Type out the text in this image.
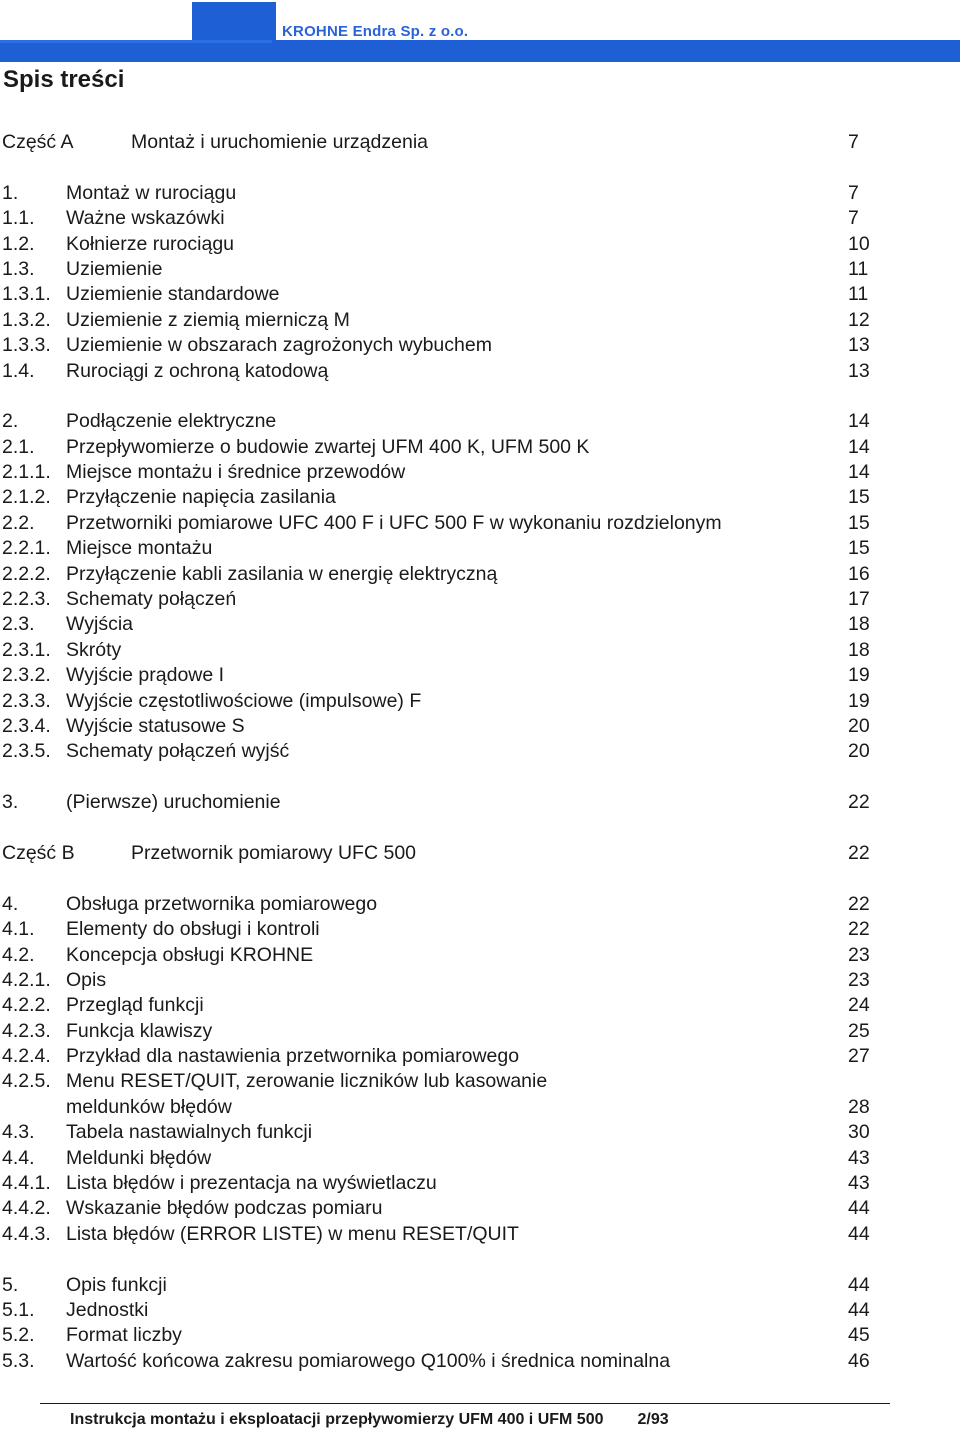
KROHNE Endra Sp. z o.o.
Spis treści
Część A	Montaż i uruchomienie urządzenia	7
1. Montaż w rurociągu	7
1.1. Ważne wskazówki	7
1.2. Kołnierze rurociągu	10
1.3. Uziemienie	11
1.3.1. Uziemienie standardowe	11
1.3.2. Uziemienie z ziemią mierniczą M	12
1.3.3. Uziemienie w obszarach zagrożonych wybuchem	13
1.4. Rurociągi z ochroną katodową	13
2. Podłączenie elektryczne	14
2.1. Przepływomierze o budowie zwartej UFM 400 K, UFM 500 K	14
2.1.1. Miejsce montażu i średnice przewodów	14
2.1.2. Przyłączenie napięcia zasilania	15
2.2. Przetworniki pomiarowe UFC 400 F i UFC 500 F w wykonaniu rozdzielonym	15
2.2.1. Miejsce montażu	15
2.2.2. Przyłączenie kabli zasilania w energię elektryczną	16
2.2.3. Schematy połączeń	17
2.3. Wyjścia	18
2.3.1. Skróty	18
2.3.2. Wyjście prądowe I	19
2.3.3. Wyjście częstotliwościowe (impulsowe) F	19
2.3.4. Wyjście statusowe S	20
2.3.5. Schematy połączeń wyjść	20
3. (Pierwsze) uruchomienie	22
Część B	Przetwornik pomiarowy UFC 500	22
4. Obsługa przetwornika pomiarowego	22
4.1. Elementy do obsługi i kontroli	22
4.2. Koncepcja obsługi KROHNE	23
4.2.1. Opis	23
4.2.2. Przegląd funkcji	24
4.2.3. Funkcja klawiszy	25
4.2.4. Przykład dla nastawienia przetwornika pomiarowego	27
4.2.5. Menu RESET/QUIT, zerowanie liczników lub kasowanie
meldunków błędów	28
4.3. Tabela nastawialnych funkcji	30
4.4. Meldunki błędów	43
4.4.1. Lista błędów i prezentacja na wyświetlaczu	43
4.4.2. Wskazanie błędów podczas pomiaru	44
4.4.3. Lista błędów (ERROR LISTE) w menu RESET/QUIT	44
5. Opis funkcji	44
5.1. Jednostki	44
5.2. Format liczby	45
5.3. Wartość końcowa zakresu pomiarowego Q100% i średnica nominalna	46
Instrukcja montażu i eksploatacji przepływomierzy UFM 400 i UFM 500 2/93
